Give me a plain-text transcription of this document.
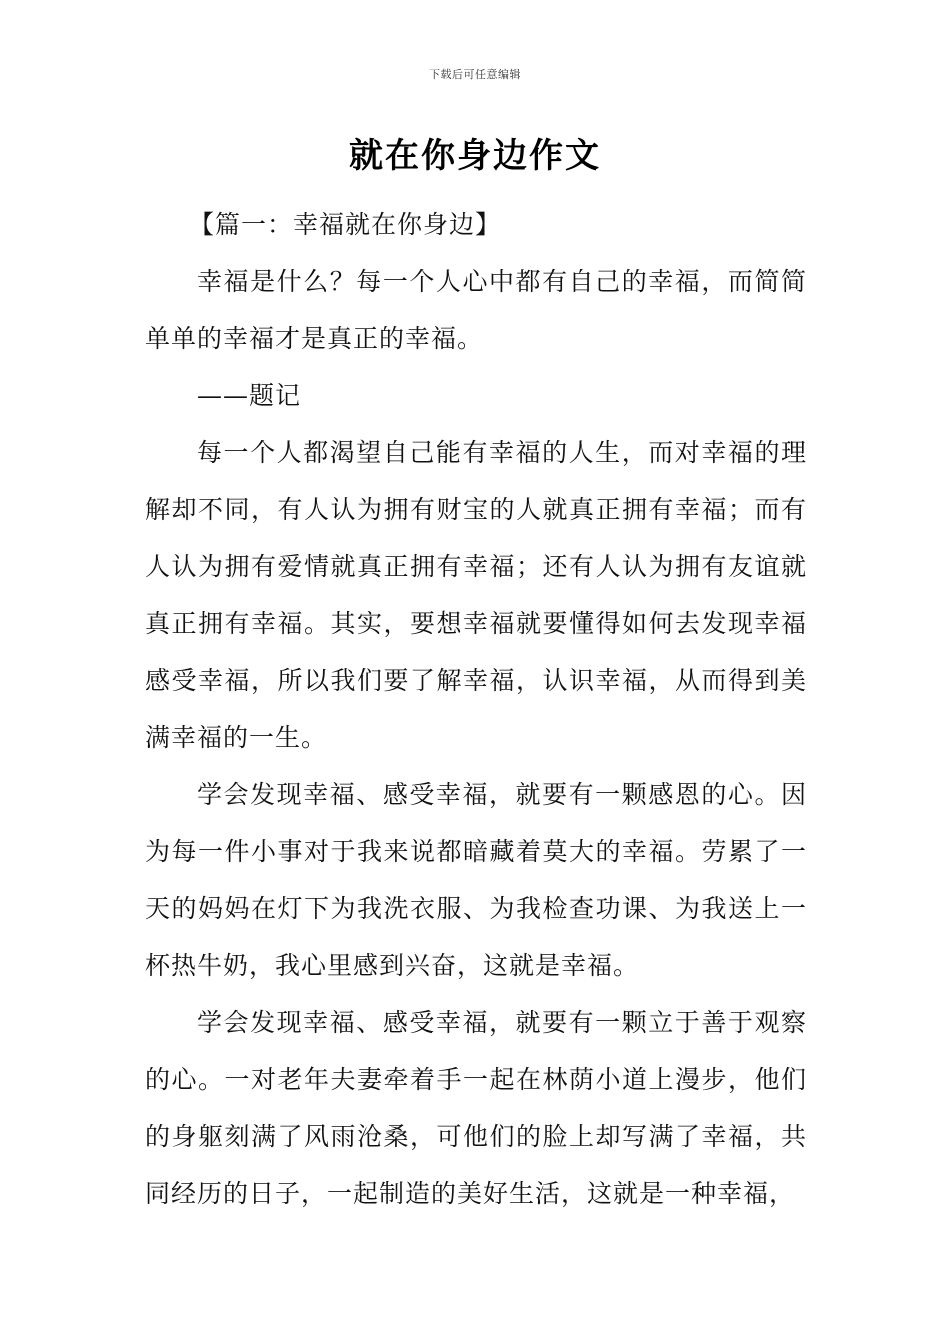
下载后可任意编辑
就在你身边作文

【篇一：幸福就在你身边】

幸福是什么？每一个人心中都有自己的幸福，而简简单单的幸福才是真正的幸福。

——题记

每一个人都渴望自己能有幸福的人生，而对幸福的理解却不同，有人认为拥有财宝的人就真正拥有幸福；而有人认为拥有爱情就真正拥有幸福；还有人认为拥有友谊就真正拥有幸福。其实，要想幸福就要懂得如何去发现幸福感受幸福，所以我们要了解幸福，认识幸福，从而得到美满幸福的一生。

学会发现幸福、感受幸福，就要有一颗感恩的心。因为每一件小事对于我来说都暗藏着莫大的幸福。劳累了一天的妈妈在灯下为我洗衣服、为我检查功课、为我送上一杯热牛奶，我心里感到兴奋，这就是幸福。

学会发现幸福、感受幸福，就要有一颗立于善于观察的心。一对老年夫妻牵着手一起在林荫小道上漫步，他们的身躯刻满了风雨沧桑，可他们的脸上却写满了幸福，共同经历的日子，一起制造的美好生活，这就是一种幸福，
